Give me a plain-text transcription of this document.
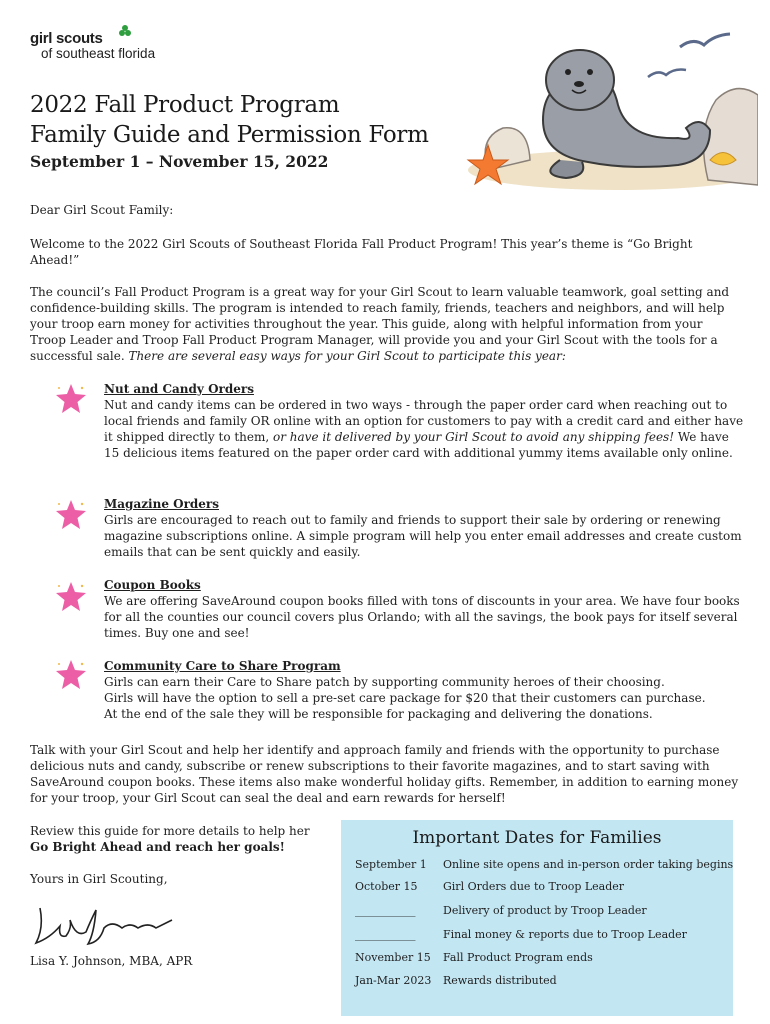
girl scouts
of southeast florida
2022 Fall Product Program
Family Guide and Permission Form
September 1 – November 15, 2022

Dear Girl Scout Family:

Welcome to the 2022 Girl Scouts of Southeast Florida Fall Product Program! This year’s theme is “Go Bright Ahead!”

The council’s Fall Product Program is a great way for your Girl Scout to learn valuable teamwork, goal setting and confidence-building skills. The program is intended to reach family, friends, teachers and neighbors, and will help your troop earn money for activities throughout the year. This guide, along with helpful information from your Troop Leader and Troop Fall Product Program Manager, will provide you and your Girl Scout with the tools for a successful sale. There are several easy ways for your Girl Scout to participate this year:

Nut and Candy Orders
Nut and candy items can be ordered in two ways - through the paper order card when reaching out to local friends and family OR online with an option for customers to pay with a credit card and either have it shipped directly to them, or have it delivered by your Girl Scout to avoid any shipping fees! We have 15 delicious items featured on the paper order card with additional yummy items available only online.
Magazine Orders
Girls are encouraged to reach out to family and friends to support their sale by ordering or renewing magazine subscriptions online. A simple program will help you enter email addresses and create custom emails that can be sent quickly and easily.
Coupon Books
We are offering SaveAround coupon books filled with tons of discounts in your area. We have four books for all the counties our council covers plus Orlando; with all the savings, the book pays for itself several times. Buy one and see!
Community Care to Share Program
Girls can earn their Care to Share patch by supporting community heroes of their choosing.
Girls will have the option to sell a pre-set care package for $20 that their customers can purchase.
At the end of the sale they will be responsible for packaging and delivering the donations.

Talk with your Girl Scout and help her identify and approach family and friends with the opportunity to purchase delicious nuts and candy, subscribe or renew subscriptions to their favorite magazines, and to start saving with SaveAround coupon books. These items also make wonderful holiday gifts. Remember, in addition to earning money for your troop, your Girl Scout can seal the deal and earn rewards for herself!

Review this guide for more details to help her
Go Bright Ahead and reach her goals!
Yours in Girl Scouting,
Lisa Y. Johnson, MBA, APR
Important Dates for Families
September 1	Online site opens and in-person order taking begins
October 15	Girl Orders due to Troop Leader
___________	Delivery of product by Troop Leader
___________	Final money & reports due to Troop Leader
November 15	Fall Product Program ends
Jan-Mar 2023	Rewards distributed
